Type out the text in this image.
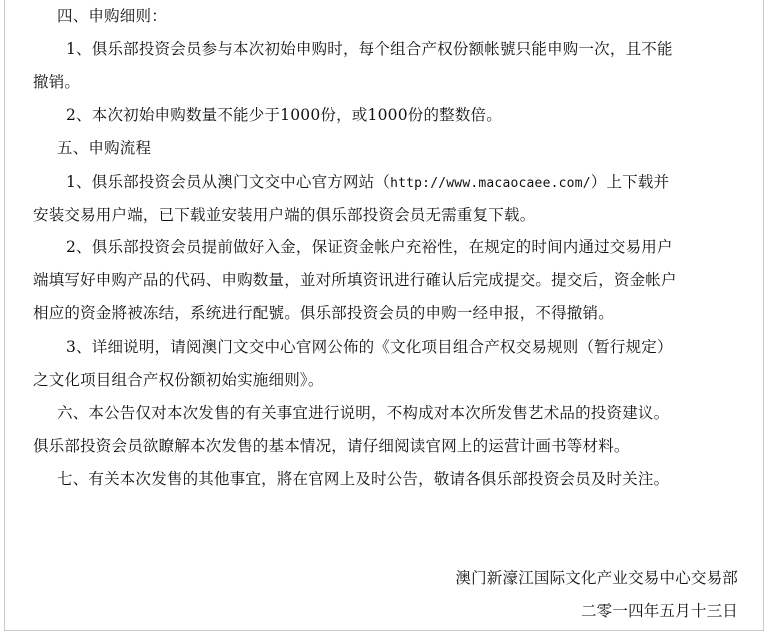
四、申购细则：
1、俱乐部投资会员参与本次初始申购时，每个组合产权份额帐號只能申购一次，且不能
撤销。
2、本次初始申购数量不能少于1000份，或1000份的整数倍。
五、申购流程
1、俱乐部投资会员从澳门文交中心官方网站（http://www.macaocaee.com/）上下载并
安装交易用户端，已下载並安装用户端的俱乐部投资会员无需重复下载。
2、俱乐部投资会员提前做好入金，保证资金帐户充裕性，在规定的时间内通过交易用户
端填写好申购产品的代码、申购数量，並对所填资讯进行確认后完成提交。提交后，资金帐户
相应的资金將被冻结，系统进行配號。俱乐部投资会员的申购一经申报，不得撤销。
3、详细说明，请阅澳门文交中心官网公佈的《文化项目组合产权交易规则（暂行规定）
之文化项目组合产权份额初始实施细则》。
六、本公告仅对本次发售的有关事宜进行说明，不构成对本次所发售艺术品的投资建议。
俱乐部投资会员欲瞭解本次发售的基本情况，请仔细阅读官网上的运营计画书等材料。
七、有关本次发售的其他事宜，將在官网上及时公告，敬请各俱乐部投资会员及时关注。
澳门新濠江国际文化产业交易中心交易部
二零一四年五月十三日
